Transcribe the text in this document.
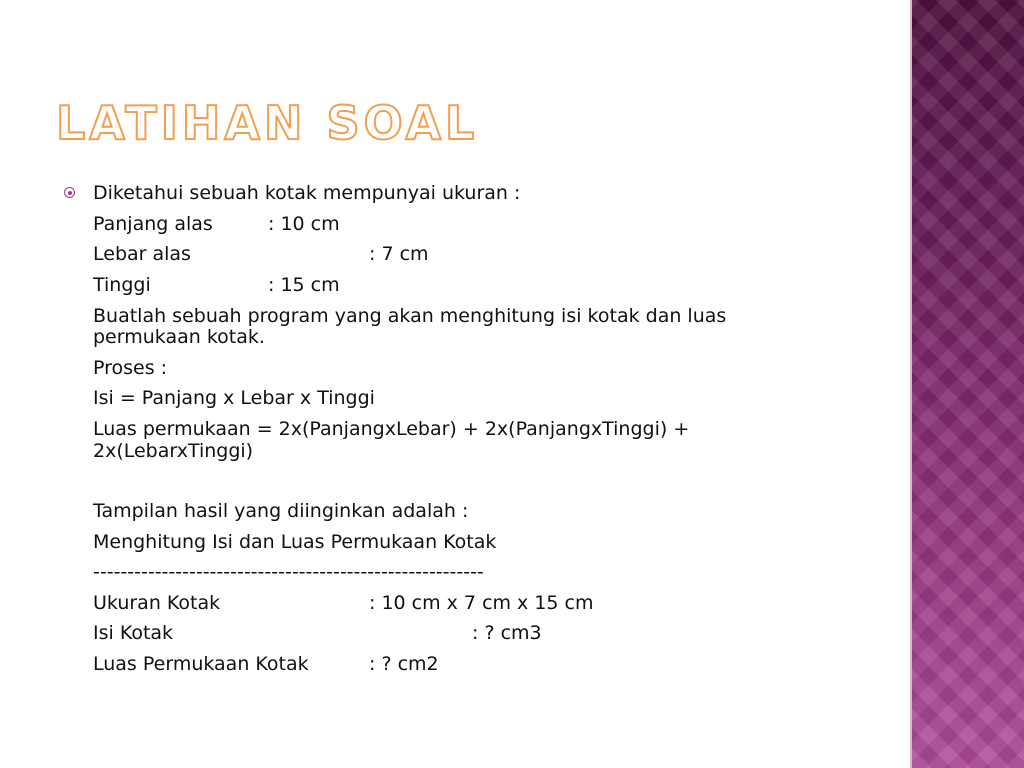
LATIHAN SOAL
Diketahui sebuah kotak mempunyai ukuran :
Panjang alas	: 10 cm
Lebar alas	: 7 cm
Tinggi	: 15 cm
Buatlah sebuah program yang akan menghitung isi kotak dan luas
permukaan kotak.
Proses :
Isi = Panjang x Lebar x Tinggi
Luas permukaan = 2x(PanjangxLebar) + 2x(PanjangxTinggi) +
2x(LebarxTinggi)
Tampilan hasil yang diinginkan adalah :
Menghitung Isi dan Luas Permukaan Kotak
---------------------------------------------------------
Ukuran Kotak	: 10 cm x 7 cm x 15 cm
Isi Kotak	: ? cm3
Luas Permukaan Kotak	: ? cm2
